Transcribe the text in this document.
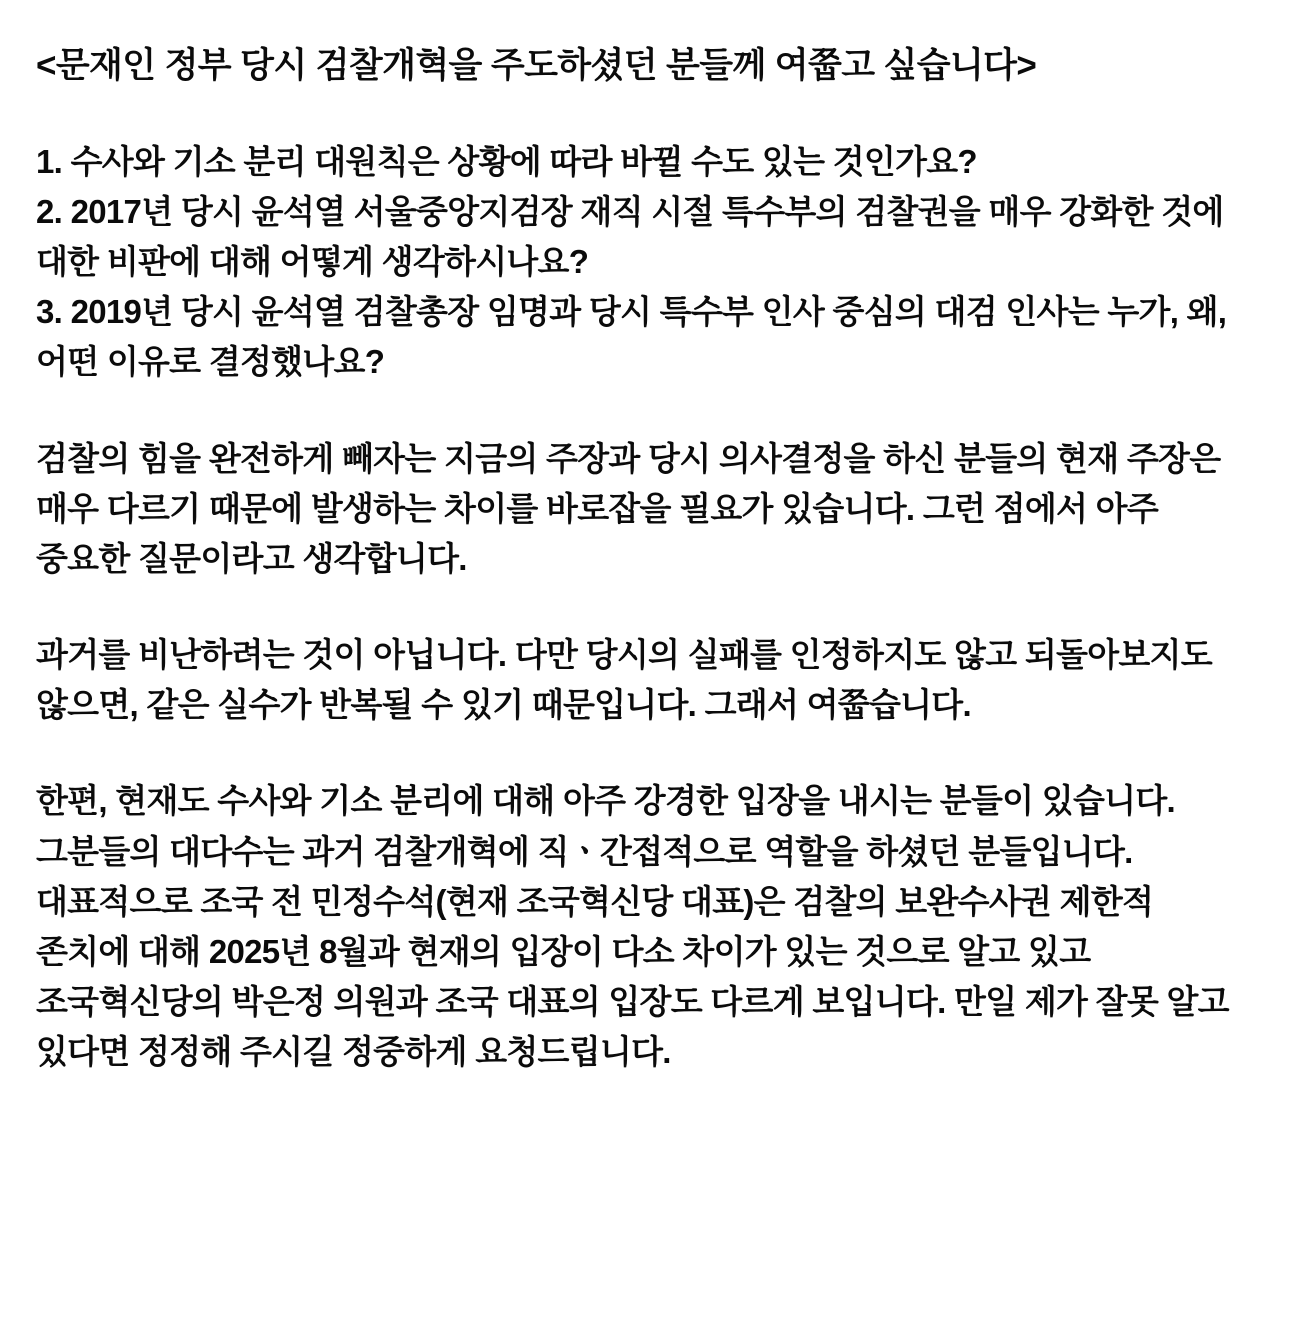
<문재인 정부 당시 검찰개혁을 주도하셨던 분들께 여쭙고 싶습니다>

1. 수사와 기소 분리 대원칙은 상황에 따라 바뀔 수도 있는 것인가요?

2. 2017년 당시 윤석열 서울중앙지검장 재직 시절 특수부의 검찰권을 매우 강화한 것에 대한 비판에 대해 어떻게 생각하시나요?

3. 2019년 당시 윤석열 검찰총장 임명과 당시 특수부 인사 중심의 대검 인사는 누가, 왜, 어떤 이유로 결정했나요?

검찰의 힘을 완전하게 빼자는 지금의 주장과 당시 의사결정을 하신 분들의 현재 주장은 매우 다르기 때문에 발생하는 차이를 바로잡을 필요가 있습니다. 그런 점에서 아주 중요한 질문이라고 생각합니다.

과거를 비난하려는 것이 아닙니다. 다만 당시의 실패를 인정하지도 않고 되돌아보지도 않으면, 같은 실수가 반복될 수 있기 때문입니다. 그래서 여쭙습니다.

한편, 현재도 수사와 기소 분리에 대해 아주 강경한 입장을 내시는 분들이 있습니다. 그분들의 대다수는 과거 검찰개혁에 직ㆍ간접적으로 역할을 하셨던 분들입니다. 대표적으로 조국 전 민정수석(현재 조국혁신당 대표)은 검찰의 보완수사권 제한적 존치에 대해 2025년 8월과 현재의 입장이 다소 차이가 있는 것으로 알고 있고 조국혁신당의 박은정 의원과 조국 대표의 입장도 다르게 보입니다. 만일 제가 잘못 알고 있다면 정정해 주시길 정중하게 요청드립니다.
